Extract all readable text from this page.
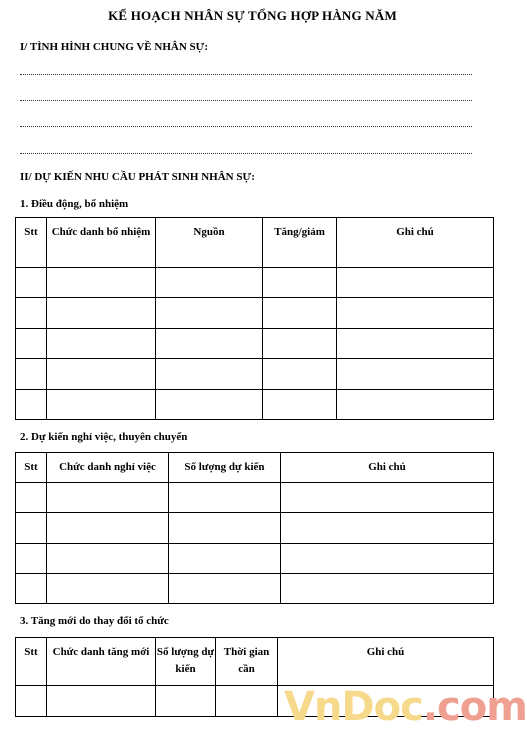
KẾ HOẠCH NHÂN SỰ TỔNG HỢP HÀNG NĂM
I/ TÌNH HÌNH CHUNG VỀ NHÂN SỰ:
II/ DỰ KIẾN NHU CẦU PHÁT SINH NHÂN SỰ:
1. Điều động, bổ nhiệm
Stt	Chức danh bổ nhiệm	Nguồn	Tăng/giảm	Ghi chú

2. Dự kiến nghỉ việc, thuyên chuyển
Stt	Chức danh nghỉ việc	Số lượng dự kiến	Ghi chú

3. Tăng mới do thay đổi tổ chức
Stt	Chức danh tăng mới	Số lượng dự kiến	Thời gian cần	Ghi chú

VnDoc.com
